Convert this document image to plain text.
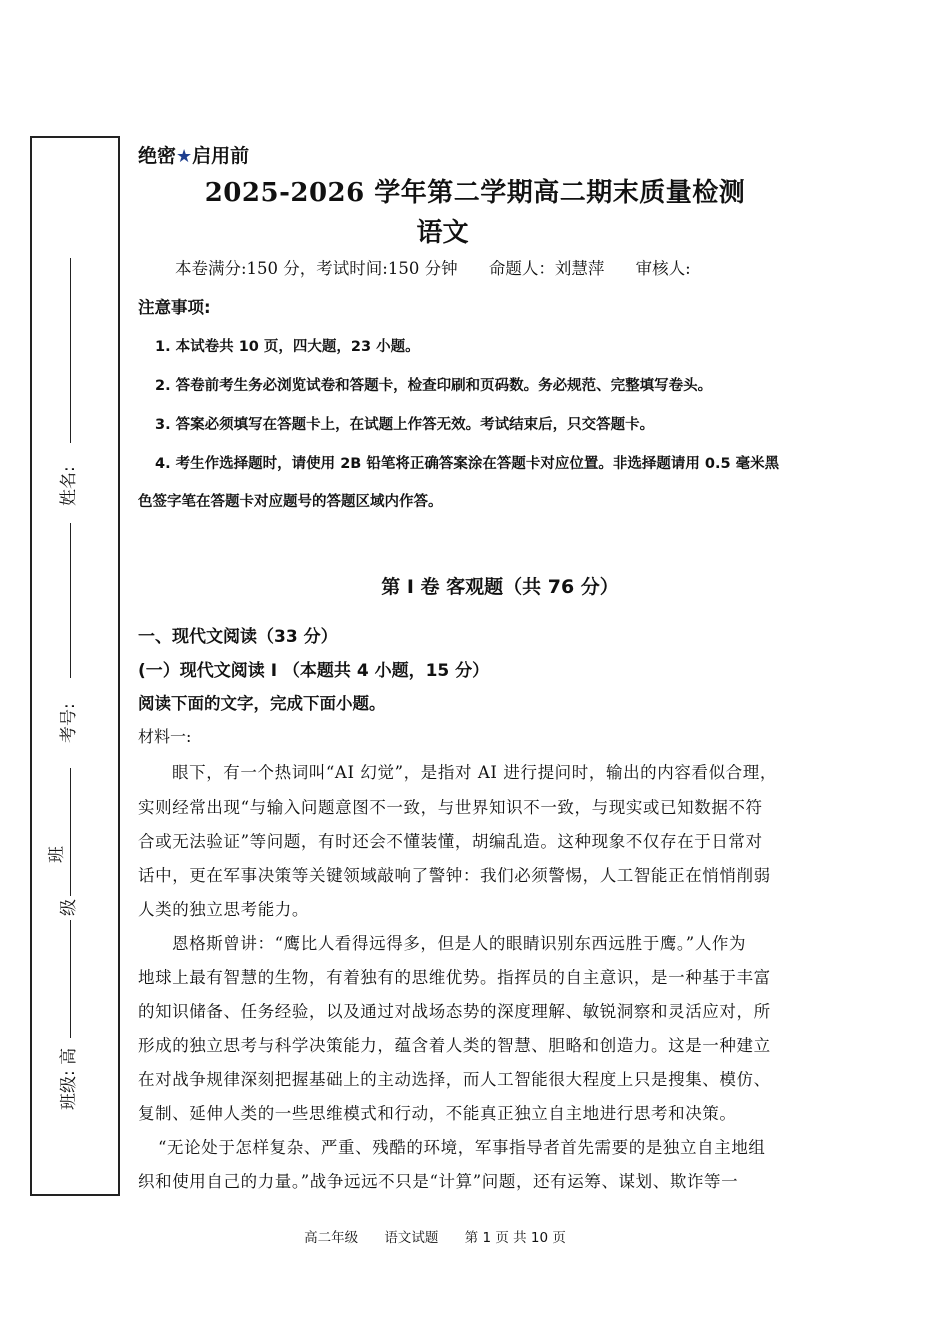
班级: 高
级
班
考号:
姓名:
绝密★启用前
2025-2026 学年第二学期高二期末质量检测
语文
本卷满分:150 分，考试时间:150 分钟 命题人：刘慧萍 审核人:
注意事项:
1. 本试卷共 10 页，四大题，23 小题。
2. 答卷前考生务必浏览试卷和答题卡，检查印刷和页码数。务必规范、完整填写卷头。
3. 答案必须填写在答题卡上，在试题上作答无效。考试结束后，只交答题卡。
4. 考生作选择题时，请使用 2B 铅笔将正确答案涂在答题卡对应位置。非选择题请用 0.5 毫米黑
色签字笔在答题卡对应题号的答题区域内作答。
第 I 卷 客观题（共 76 分）
一、现代文阅读（33 分）
(一）现代文阅读 I （本题共 4 小题，15 分）
阅读下面的文字，完成下面小题。
材料一:
眼下，有一个热词叫“AI 幻觉”，是指对 AI 进行提问时，输出的内容看似合理，
实则经常出现“与输入问题意图不一致，与世界知识不一致，与现实或已知数据不符
合或无法验证”等问题，有时还会不懂装懂，胡编乱造。这种现象不仅存在于日常对
话中，更在军事决策等关键领域敲响了警钟：我们必须警惕，人工智能正在悄悄削弱
人类的独立思考能力。
恩格斯曾讲：“鹰比人看得远得多，但是人的眼睛识别东西远胜于鹰。”人作为
地球上最有智慧的生物，有着独有的思维优势。指挥员的自主意识，是一种基于丰富
的知识储备、任务经验，以及通过对战场态势的深度理解、敏锐洞察和灵活应对，所
形成的独立思考与科学决策能力，蕴含着人类的智慧、胆略和创造力。这是一种建立
在对战争规律深刻把握基础上的主动选择，而人工智能很大程度上只是搜集、模仿、
复制、延伸人类的一些思维模式和行动，不能真正独立自主地进行思考和决策。
“无论处于怎样复杂、严重、残酷的环境，军事指导者首先需要的是独立自主地组
织和使用自己的力量。”战争远远不只是“计算”问题，还有运筹、谋划、欺诈等一
高二年级 语文试题 第 1 页 共 10 页
